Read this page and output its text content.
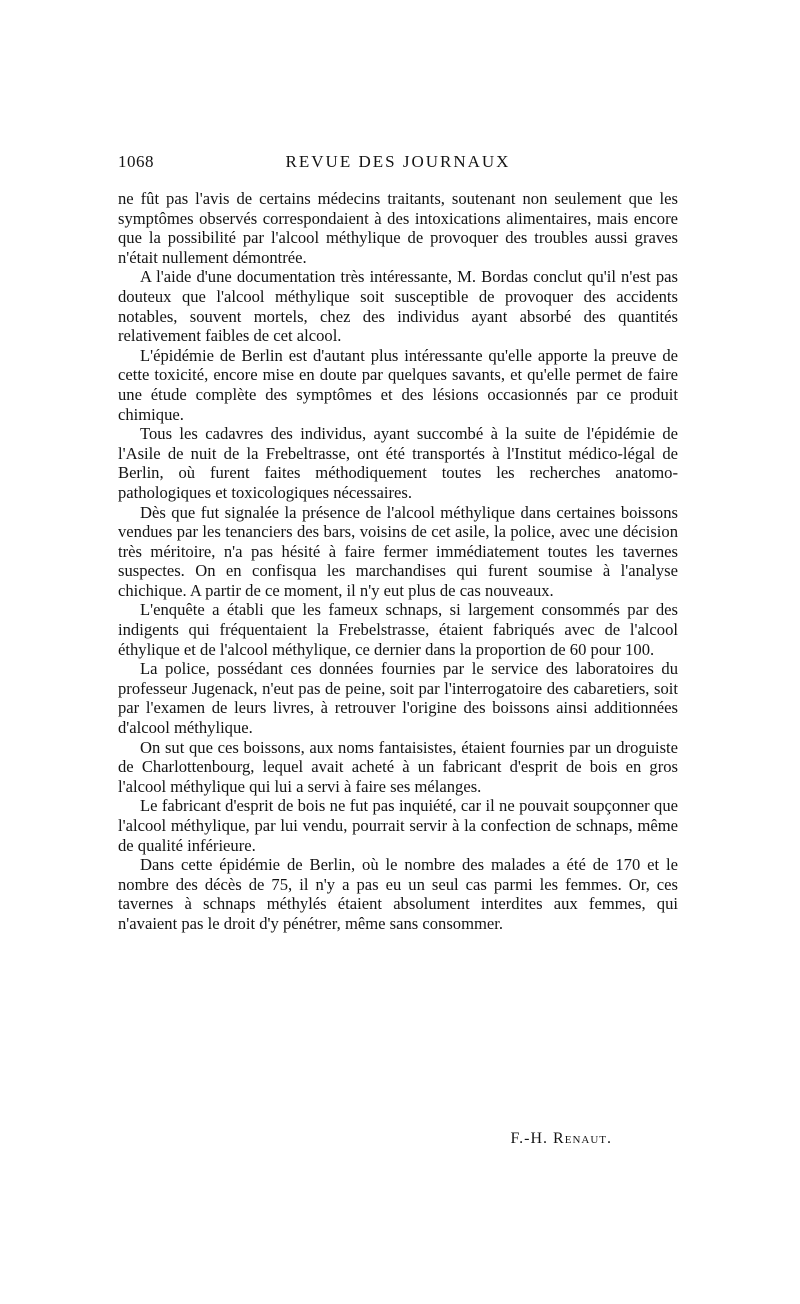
1068	REVUE DES JOURNAUX

ne fût pas l'avis de certains médecins traitants, soutenant non seulement que les symptômes observés correspondaient à des intoxications alimentaires, mais encore que la possibilité par l'alcool méthylique de provoquer des troubles aussi graves n'était nullement démontrée.

A l'aide d'une documentation très intéressante, M. Bordas conclut qu'il n'est pas douteux que l'alcool méthylique soit susceptible de provoquer des accidents notables, souvent mortels, chez des individus ayant absorbé des quantités relativement faibles de cet alcool.

L'épidémie de Berlin est d'autant plus intéressante qu'elle apporte la preuve de cette toxicité, encore mise en doute par quelques savants, et qu'elle permet de faire une étude complète des symptômes et des lésions occasionnés par ce produit chimique.

Tous les cadavres des individus, ayant succombé à la suite de l'épidémie de l'Asile de nuit de la Frebeltrasse, ont été transportés à l'Institut médico-légal de Berlin, où furent faites méthodiquement toutes les recherches anatomo-pathologiques et toxicologiques nécessaires.

Dès que fut signalée la présence de l'alcool méthylique dans certaines boissons vendues par les tenanciers des bars, voisins de cet asile, la police, avec une décision très méritoire, n'a pas hésité à faire fermer immédiatement toutes les tavernes suspectes. On en confisqua les marchandises qui furent soumise à l'analyse chichique. A partir de ce moment, il n'y eut plus de cas nouveaux.

L'enquête a établi que les fameux schnaps, si largement consommés par des indigents qui fréquentaient la Frebelstrasse, étaient fabriqués avec de l'alcool éthylique et de l'alcool méthylique, ce dernier dans la proportion de 60 pour 100.

La police, possédant ces données fournies par le service des laboratoires du professeur Jugenack, n'eut pas de peine, soit par l'interrogatoire des cabaretiers, soit par l'examen de leurs livres, à retrouver l'origine des boissons ainsi additionnées d'alcool méthylique.

On sut que ces boissons, aux noms fantaisistes, étaient fournies par un droguiste de Charlottenbourg, lequel avait acheté à un fabricant d'esprit de bois en gros l'alcool méthylique qui lui a servi à faire ses mélanges.

Le fabricant d'esprit de bois ne fut pas inquiété, car il ne pouvait soupçonner que l'alcool méthylique, par lui vendu, pourrait servir à la confection de schnaps, même de qualité inférieure.

Dans cette épidémie de Berlin, où le nombre des malades a été de 170 et le nombre des décès de 75, il n'y a pas eu un seul cas parmi les femmes. Or, ces tavernes à schnaps méthylés étaient absolument interdites aux femmes, qui n'avaient pas le droit d'y pénétrer, même sans consommer.

F.-H. Renaut.
